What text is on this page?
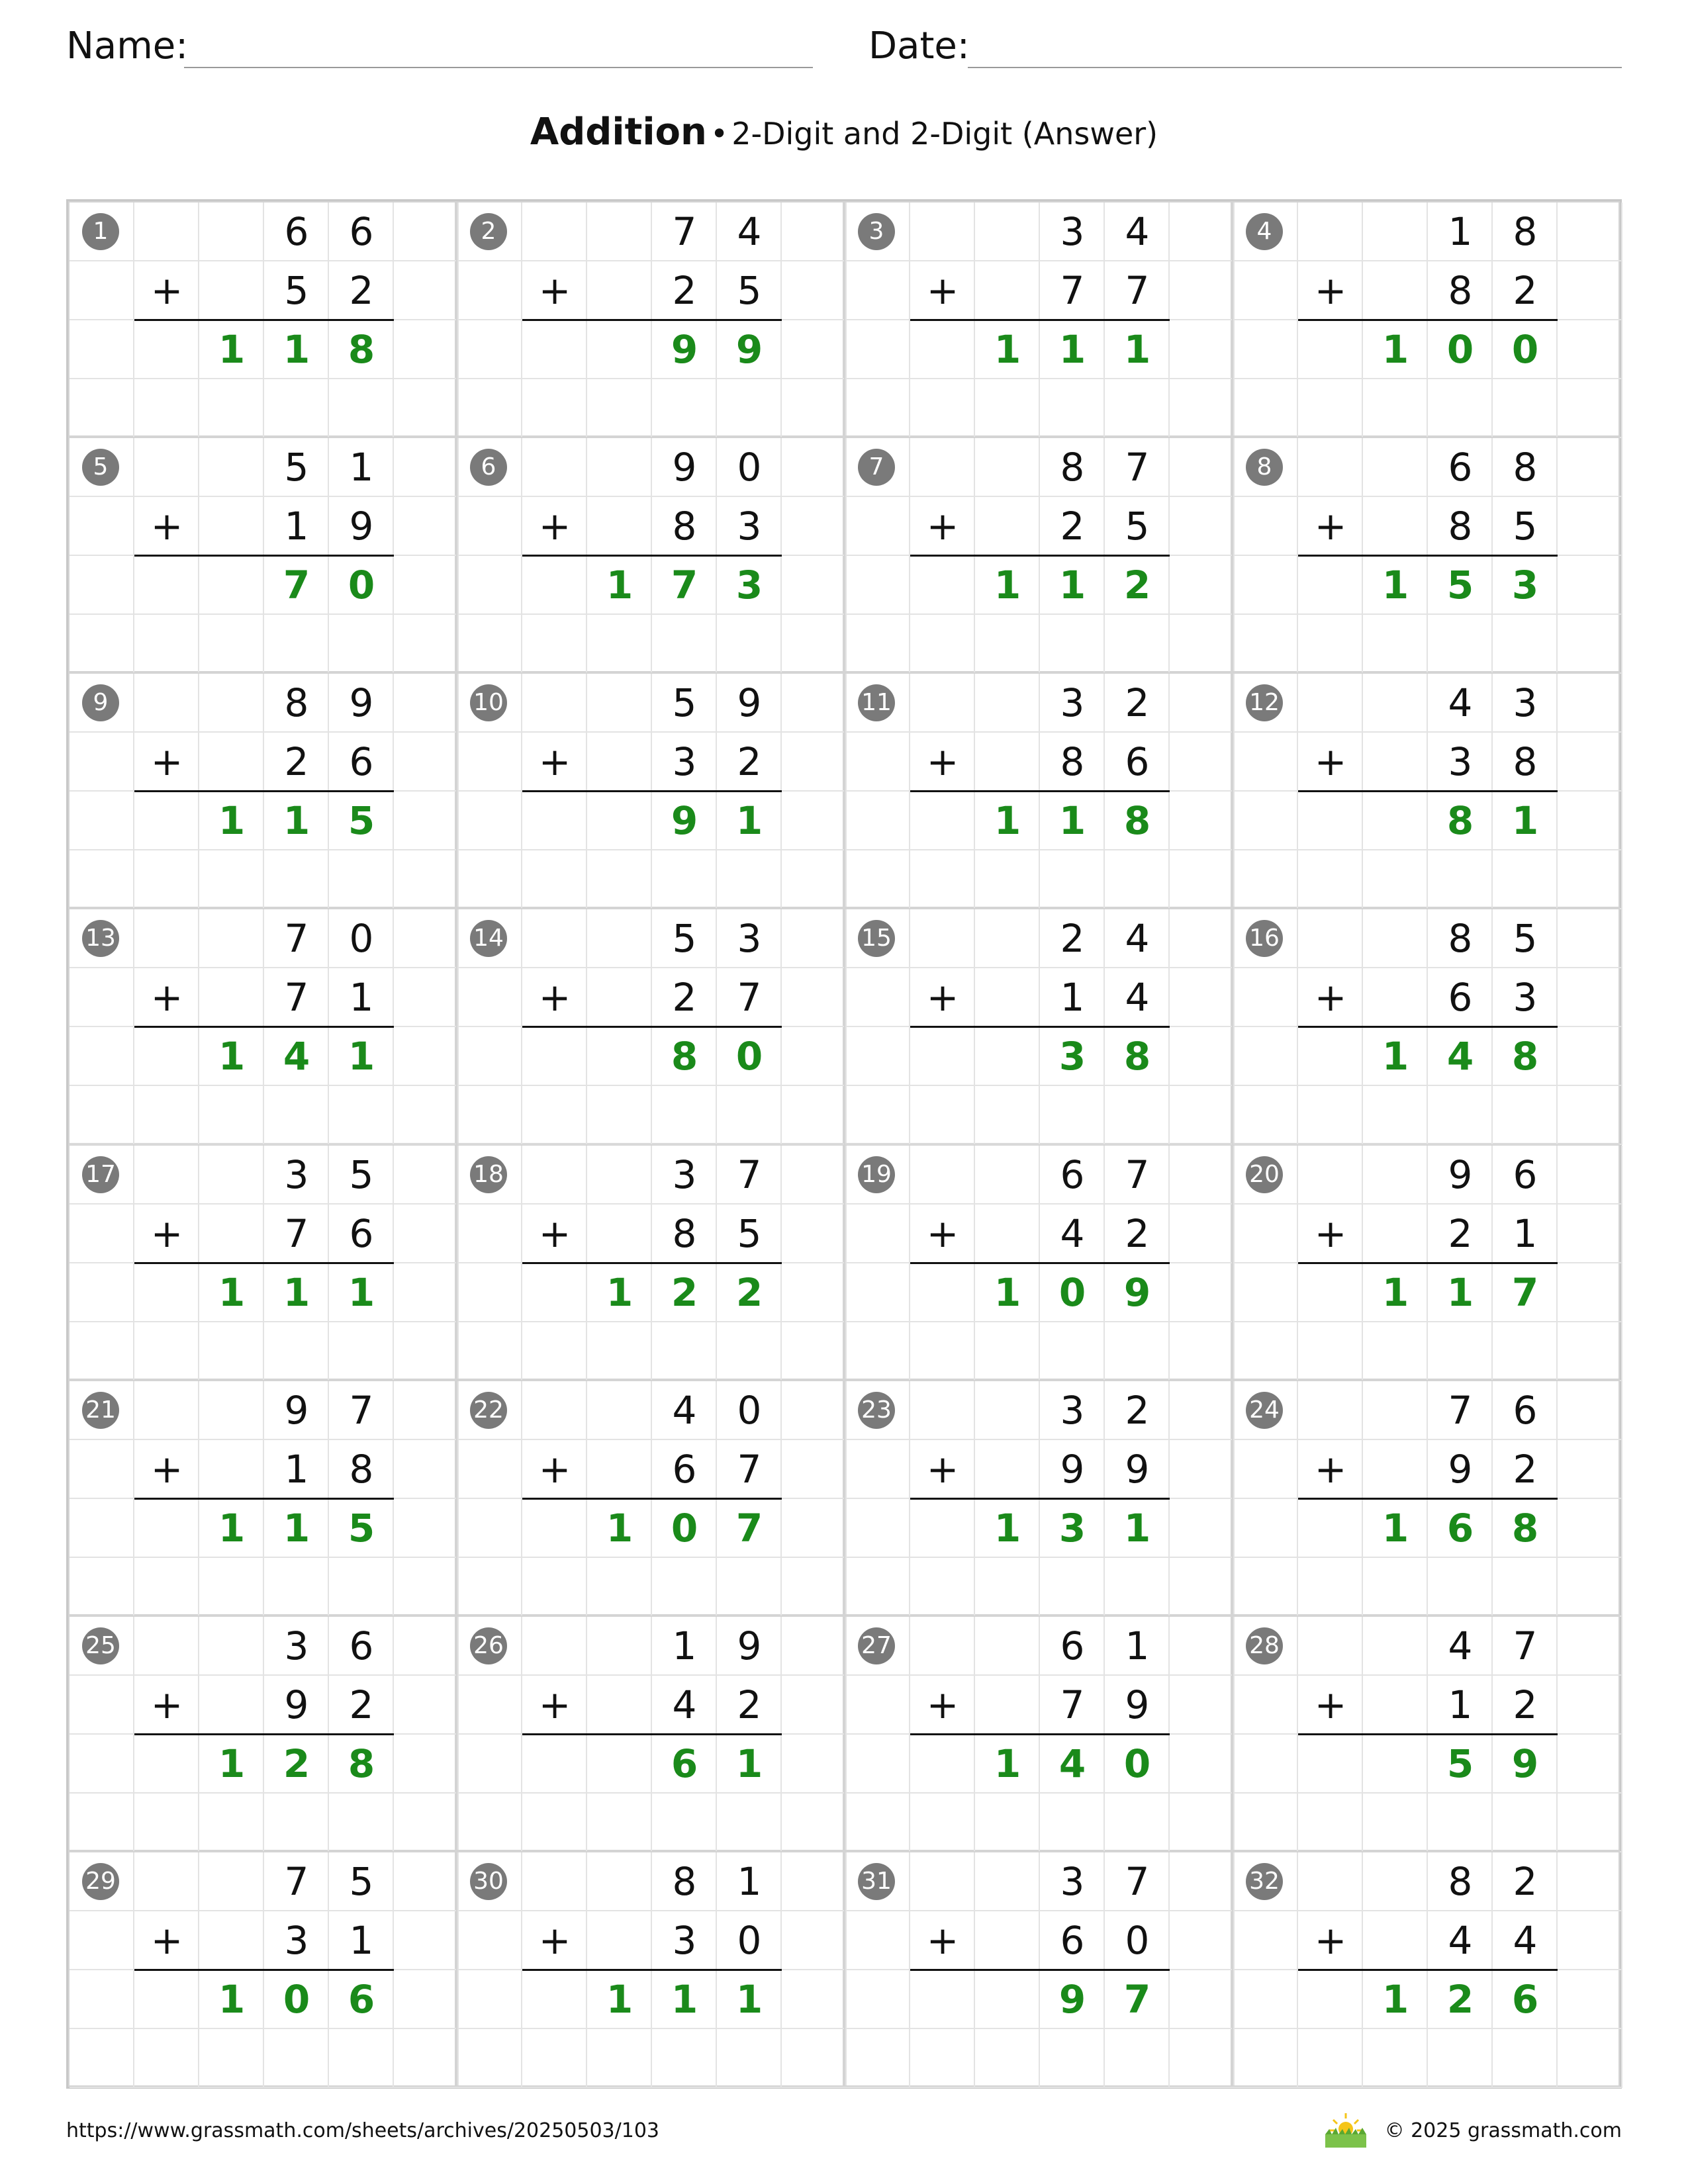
Name:	Date:
Addition • 2-Digit and 2-Digit (Answer)
1	6	6
+	5	2
1 1 8
2	7	4
+	2	5
9 9
3	3	4
+	7	7
1 1 1
4	1	8
+	8	2
1 0 0
5	5	1
+	1	9
7 0
6	9	0
+	8	3
1 7 3
7	8	7
+	2	5
1 1 2
8	6	8
+	8	5
1 5 3
9	8	9
+	2	6
1 1 5
10	5	9
+	3	2
9 1
11	3	2
+	8	6
1 1 8
12	4	3
+	3	8
8 1
13	7	0
+	7	1
1 4 1
14	5	3
+	2	7
8 0
15	2	4
+	1	4
3 8
16	8	5
+	6	3
1 4 8
17	3	5
+	7	6
1 1 1
18	3	7
+	8	5
1 2 2
19	6	7
+	4	2
1 0 9
20	9	6
+	2	1
1 1 7
21	9	7
+	1	8
1 1 5
22	4	0
+	6	7
1 0 7
23	3	2
+	9	9
1 3 1
24	7	6
+	9	2
1 6 8
25	3	6
+	9	2
1 2 8
26	1	9
+	4	2
6 1
27	6	1
+	7	9
1 4 0
28	4	7
+	1	2
5 9
29	7	5
+	3	1
1 0 6
30	8	1
+	3	0
1 1 1
31	3	7
+	6	0
9 7
32	8	2
+	4	4
1 2 6
https://www.grassmath.com/sheets/archives/20250503/103	© 2025 grassmath.com
